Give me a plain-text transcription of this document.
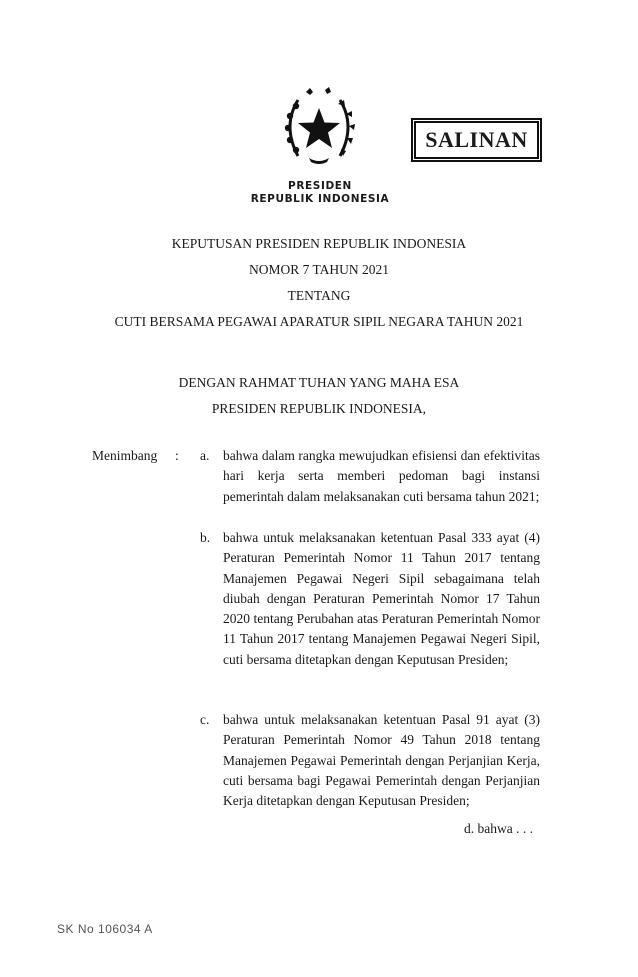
SALINAN
PRESIDEN
REPUBLIK INDONESIA
KEPUTUSAN PRESIDEN REPUBLIK INDONESIA
NOMOR 7 TAHUN 2021
TENTANG
CUTI BERSAMA PEGAWAI APARATUR SIPIL NEGARA TAHUN 2021
DENGAN RAHMAT TUHAN YANG MAHA ESA
PRESIDEN REPUBLIK INDONESIA,
Menimbang : a. bahwa dalam rangka mewujudkan efisiensi dan efektivitas hari kerja serta memberi pedoman bagi instansi pemerintah dalam melaksanakan cuti bersama tahun 2021;

b. bahwa untuk melaksanakan ketentuan Pasal 333 ayat (4) Peraturan Pemerintah Nomor 11 Tahun 2017 tentang Manajemen Pegawai Negeri Sipil sebagaimana telah diubah dengan Peraturan Pemerintah Nomor 17 Tahun 2020 tentang Perubahan atas Peraturan Pemerintah Nomor 11 Tahun 2017 tentang Manajemen Pegawai Negeri Sipil, cuti bersama ditetapkan dengan Keputusan Presiden;

c. bahwa untuk melaksanakan ketentuan Pasal 91 ayat (3) Peraturan Pemerintah Nomor 49 Tahun 2018 tentang Manajemen Pegawai Pemerintah dengan Perjanjian Kerja, cuti bersama bagi Pegawai Pemerintah dengan Perjanjian Kerja ditetapkan dengan Keputusan Presiden;

d. bahwa . . .
SK No 106034 A
